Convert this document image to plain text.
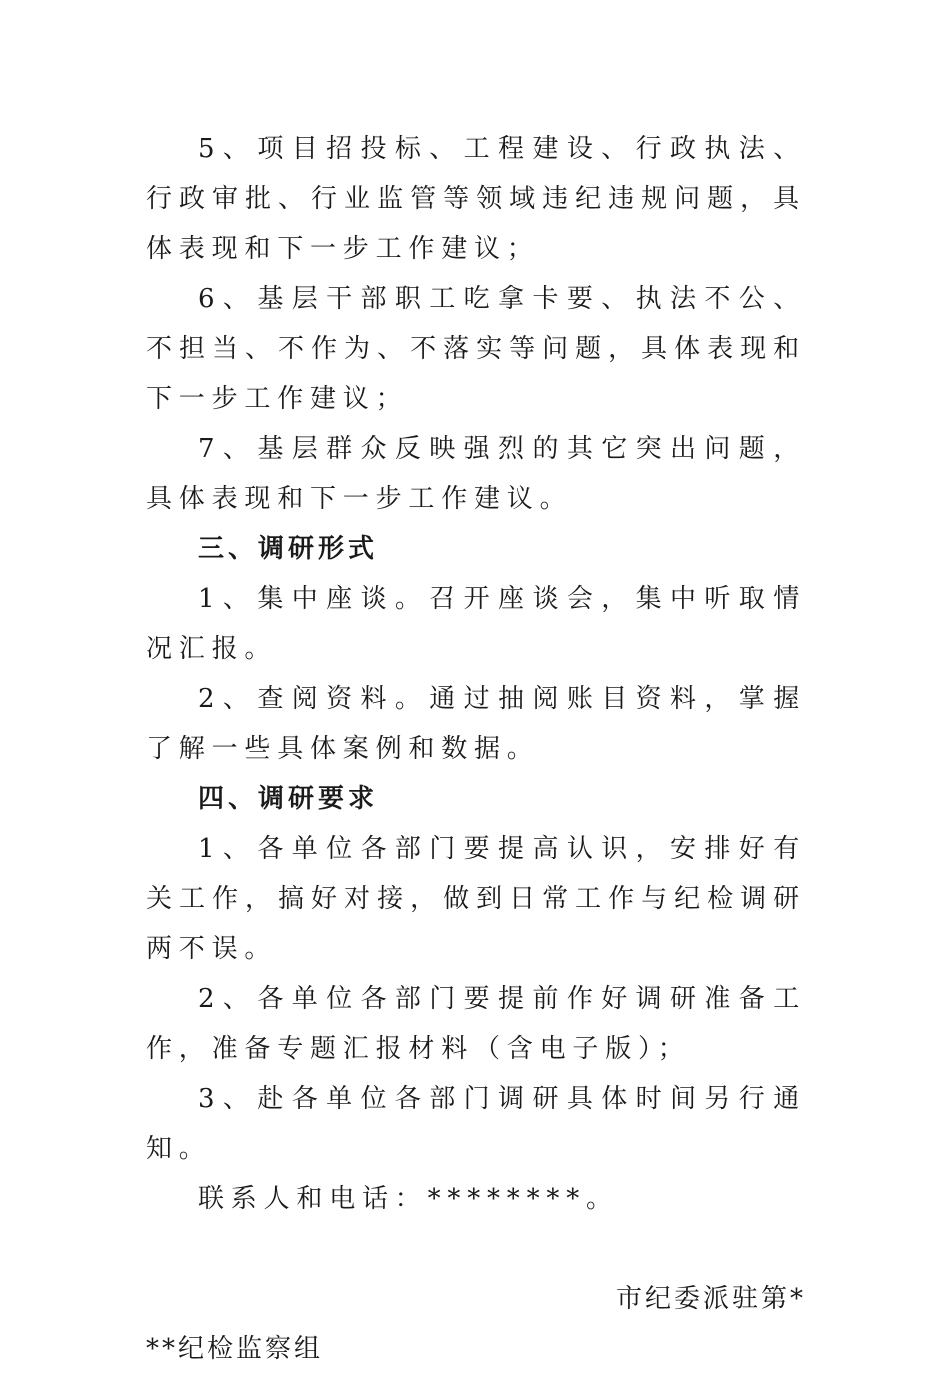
5、项目招投标、工程建设、行政执法、行政审批、行业监管等领域违纪违规问题，具体表现和下一步工作建议；

6、基层干部职工吃拿卡要、执法不公、不担当、不作为、不落实等问题，具体表现和下一步工作建议；

7、基层群众反映强烈的其它突出问题，具体表现和下一步工作建议。

三、调研形式

1、集中座谈。召开座谈会，集中听取情况汇报。

2、查阅资料。通过抽阅账目资料，掌握了解一些具体案例和数据。

四、调研要求

1、各单位各部门要提高认识，安排好有关工作，搞好对接，做到日常工作与纪检调研两不误。

2、各单位各部门要提前作好调研准备工作，准备专题汇报材料（含电子版）；

3、赴各单位各部门调研具体时间另行通知。

联系人和电话：********。

市纪委派驻第*

**纪检监察组
